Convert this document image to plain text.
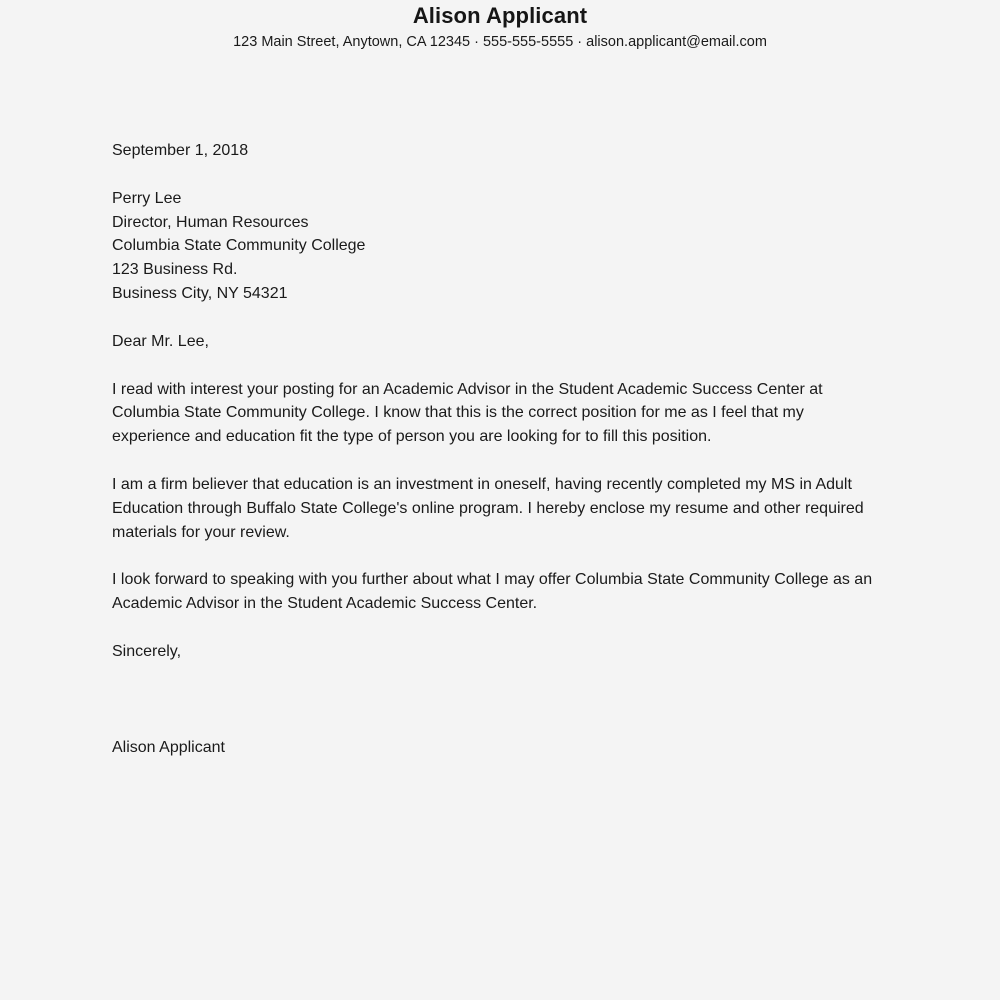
Alison Applicant

123 Main Street, Anytown, CA 12345 · 555-555-5555 · alison.applicant@email.com

September 1, 2018

Perry Lee
Director, Human Resources
Columbia State Community College
123 Business Rd.
Business City, NY 54321

Dear Mr. Lee,

I read with interest your posting for an Academic Advisor in the Student Academic Success Center at Columbia State Community College. I know that this is the correct position for me as I feel that my experience and education fit the type of person you are looking for to fill this position.

I am a firm believer that education is an investment in oneself, having recently completed my MS in Adult Education through Buffalo State College's online program. I hereby enclose my resume and other required materials for your review.

I look forward to speaking with you further about what I may offer Columbia State Community College as an Academic Advisor in the Student Academic Success Center.

Sincerely,

Alison Applicant
